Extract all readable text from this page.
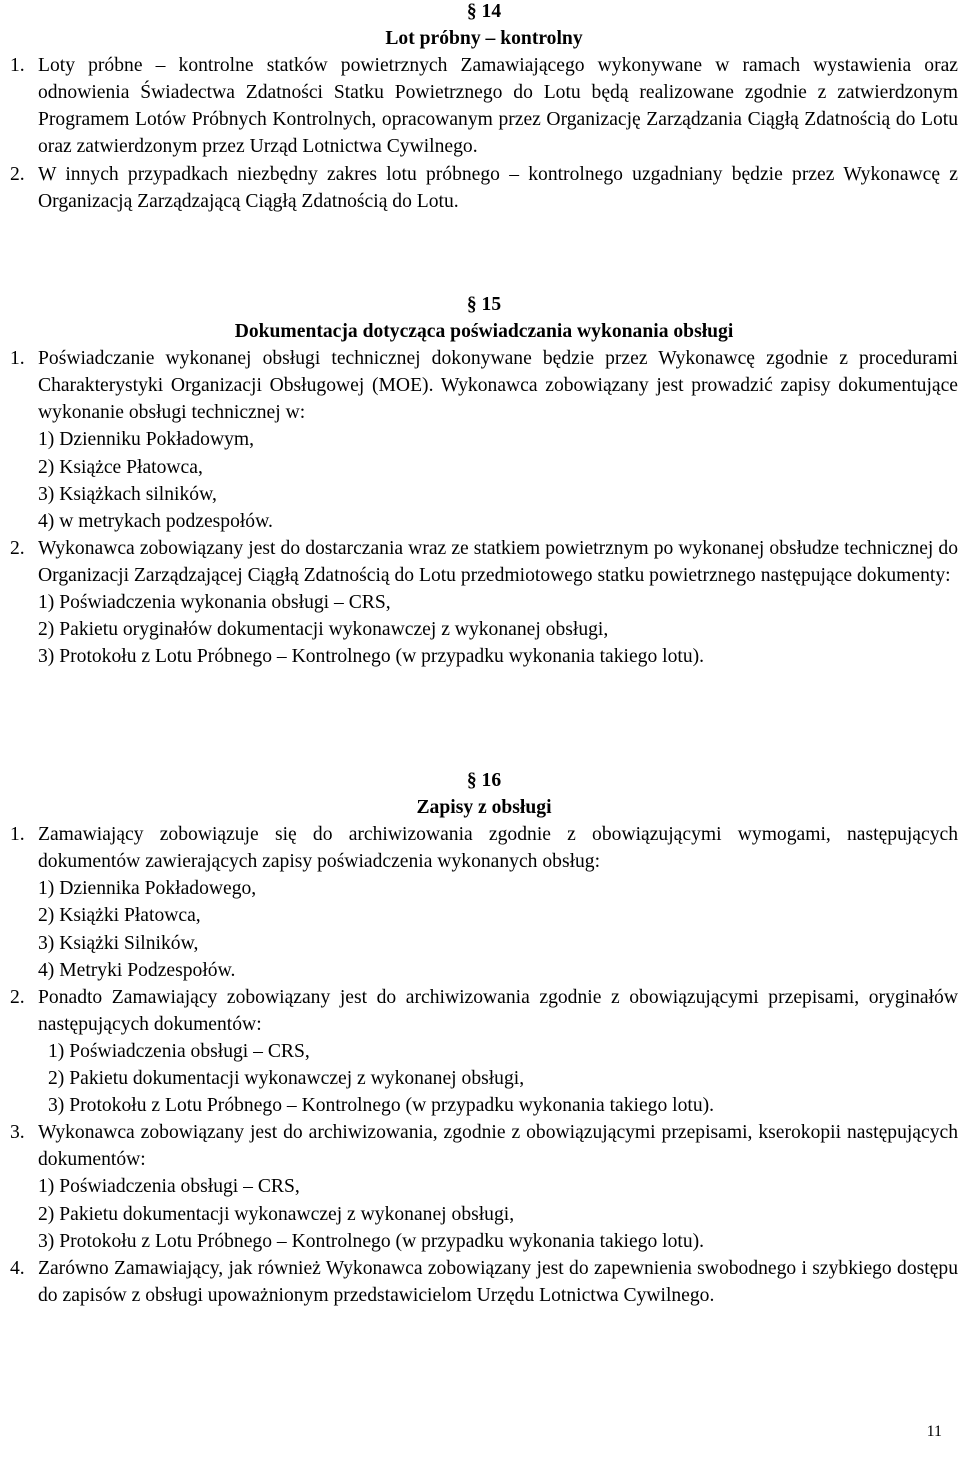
§ 14
Lot próbny – kontrolny

1. Loty próbne – kontrolne statków powietrznych Zamawiającego wykonywane w ramach wystawienia oraz odnowienia Świadectwa Zdatności Statku Powietrznego do Lotu będą realizowane zgodnie z zatwierdzonym Programem Lotów Próbnych Kontrolnych, opracowanym przez Organizację Zarządzania Ciągłą Zdatnością do Lotu oraz zatwierdzonym przez Urząd Lotnictwa Cywilnego.

2. W innych przypadkach niezbędny zakres lotu próbnego – kontrolnego uzgadniany będzie przez Wykonawcę z Organizacją Zarządzającą Ciągłą Zdatnością do Lotu.

§ 15
Dokumentacja dotycząca poświadczania wykonania obsługi

1. Poświadczanie wykonanej obsługi technicznej dokonywane będzie przez Wykonawcę zgodnie z procedurami Charakterystyki Organizacji Obsługowej (MOE). Wykonawca zobowiązany jest prowadzić zapisy dokumentujące wykonanie obsługi technicznej w:

1) Dzienniku Pokładowym,

2) Książce Płatowca,

3) Książkach silników,

4) w metrykach podzespołów.

2. Wykonawca zobowiązany jest do dostarczania wraz ze statkiem powietrznym po wykonanej obsłudze technicznej do Organizacji Zarządzającej Ciągłą Zdatnością do Lotu przedmiotowego statku powietrznego następujące dokumenty:

1) Poświadczenia wykonania obsługi – CRS,

2) Pakietu oryginałów dokumentacji wykonawczej z wykonanej obsługi,

3) Protokołu z Lotu Próbnego – Kontrolnego (w przypadku wykonania takiego lotu).

§ 16
Zapisy z obsługi

1. Zamawiający zobowiązuje się do archiwizowania zgodnie z obowiązującymi wymogami, następujących dokumentów zawierających zapisy poświadczenia wykonanych obsług:

1) Dziennika Pokładowego,

2) Książki Płatowca,

3) Książki Silników,

4) Metryki Podzespołów.

2. Ponadto Zamawiający zobowiązany jest do archiwizowania zgodnie z obowiązującymi przepisami, oryginałów następujących dokumentów:

1) Poświadczenia obsługi – CRS,

2) Pakietu dokumentacji wykonawczej z wykonanej obsługi,

3) Protokołu z Lotu Próbnego – Kontrolnego (w przypadku wykonania takiego lotu).

3. Wykonawca zobowiązany jest do archiwizowania, zgodnie z obowiązującymi przepisami, kserokopii następujących dokumentów:

1) Poświadczenia obsługi – CRS,

2) Pakietu dokumentacji wykonawczej z wykonanej obsługi,

3) Protokołu z Lotu Próbnego – Kontrolnego (w przypadku wykonania takiego lotu).

4. Zarówno Zamawiający, jak również Wykonawca zobowiązany jest do zapewnienia swobodnego i szybkiego dostępu do zapisów z obsługi upoważnionym przedstawicielom Urzędu Lotnictwa Cywilnego.

11
